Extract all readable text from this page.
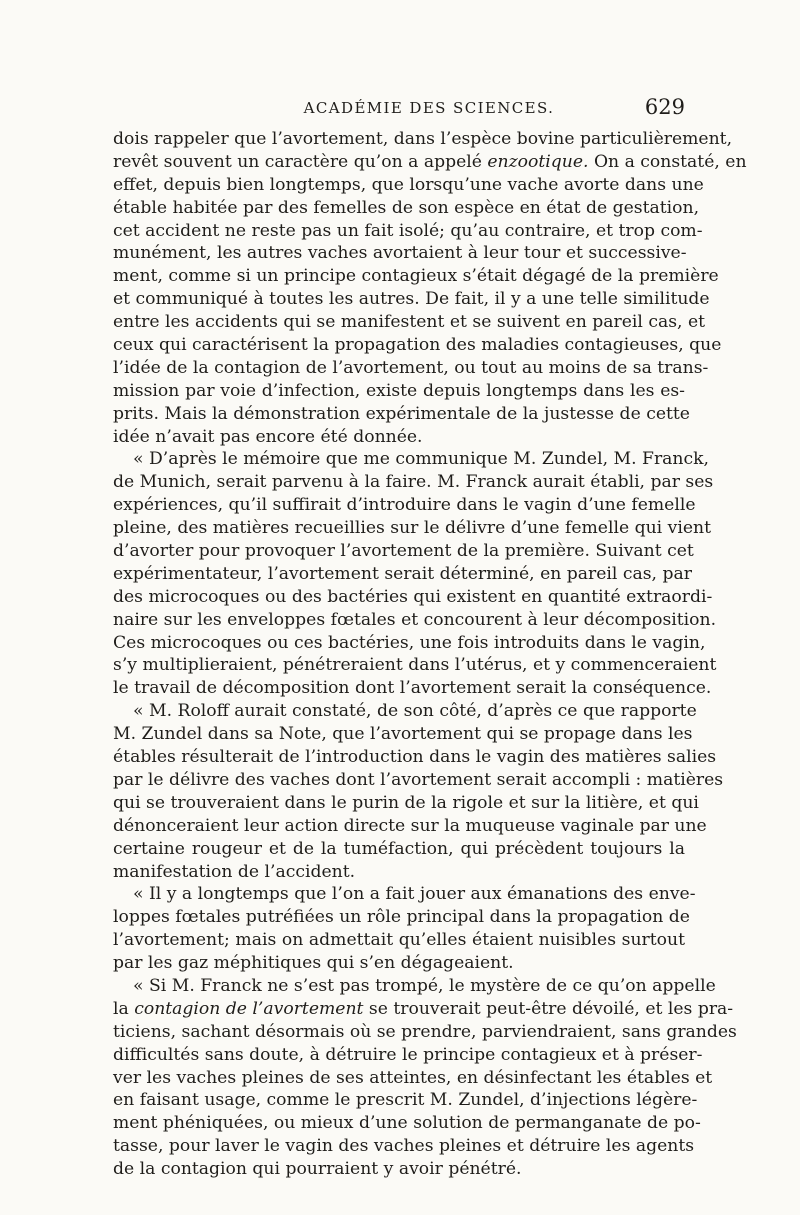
ACADÉMIE DES SCIENCES.	629
dois rappeler que l’avortement, dans l’espèce bovine particulièrement,
revêt souvent un caractère qu’on a appelé enzootique. On a constaté, en
effet, depuis bien longtemps, que lorsqu’une vache avorte dans une
étable habitée par des femelles de son espèce en état de gestation,
cet accident ne reste pas un fait isolé; qu’au contraire, et trop com-
munément, les autres vaches avortaient à leur tour et successive-
ment, comme si un principe contagieux s’était dégagé de la première
et communiqué à toutes les autres. De fait, il y a une telle similitude
entre les accidents qui se manifestent et se suivent en pareil cas, et
ceux qui caractérisent la propagation des maladies contagieuses, que
l’idée de la contagion de l’avortement, ou tout au moins de sa trans-
mission par voie d’infection, existe depuis longtemps dans les es-
prits. Mais la démonstration expérimentale de la justesse de cette
idée n’avait pas encore été donnée.
« D’après le mémoire que me communique M. Zundel, M. Franck,
de Munich, serait parvenu à la faire. M. Franck aurait établi, par ses
expériences, qu’il suffirait d’introduire dans le vagin d’une femelle
pleine, des matières recueillies sur le délivre d’une femelle qui vient
d’avorter pour provoquer l’avortement de la première. Suivant cet
expérimentateur, l’avortement serait déterminé, en pareil cas, par
des microcoques ou des bactéries qui existent en quantité extraordi-
naire sur les enveloppes fœtales et concourent à leur décomposition.
Ces microcoques ou ces bactéries, une fois introduits dans le vagin,
s’y multiplieraient, pénétreraient dans l’utérus, et y commenceraient
le travail de décomposition dont l’avortement serait la conséquence.
« M. Roloff aurait constaté, de son côté, d’après ce que rapporte
M. Zundel dans sa Note, que l’avortement qui se propage dans les
étables résulterait de l’introduction dans le vagin des matières salies
par le délivre des vaches dont l’avortement serait accompli : matières
qui se trouveraient dans le purin de la rigole et sur la litière, et qui
dénonceraient leur action directe sur la muqueuse vaginale par une
certaine rougeur et de la tuméfaction, qui précèdent toujours la
manifestation de l’accident.
« Il y a longtemps que l’on a fait jouer aux émanations des enve-
loppes fœtales putréfiées un rôle principal dans la propagation de
l’avortement; mais on admettait qu’elles étaient nuisibles surtout
par les gaz méphitiques qui s’en dégageaient.
« Si M. Franck ne s’est pas trompé, le mystère de ce qu’on appelle
la contagion de l’avortement se trouverait peut-être dévoilé, et les pra-
ticiens, sachant désormais où se prendre, parviendraient, sans grandes
difficultés sans doute, à détruire le principe contagieux et à préser-
ver les vaches pleines de ses atteintes, en désinfectant les étables et
en faisant usage, comme le prescrit M. Zundel, d’injections légère-
ment phéniquées, ou mieux d’une solution de permanganate de po-
tasse, pour laver le vagin des vaches pleines et détruire les agents
de la contagion qui pourraient y avoir pénétré.
